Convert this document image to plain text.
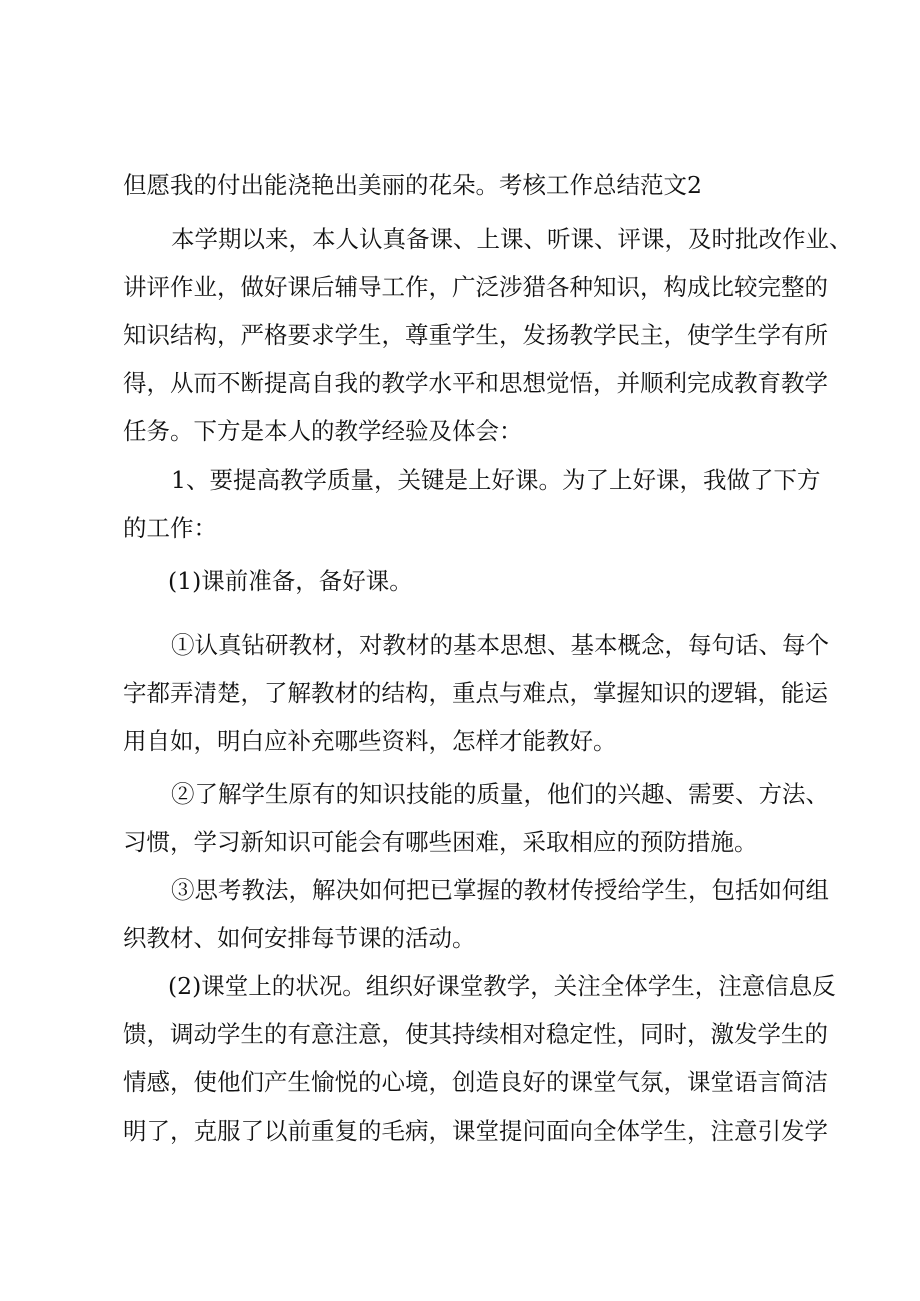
但愿我的付出能浇艳出美丽的花朵。考核工作总结范文2
本学期以来，本人认真备课、上课、听课、评课，及时批改作业、
讲评作业，做好课后辅导工作，广泛涉猎各种知识，构成比较完整的
知识结构，严格要求学生，尊重学生，发扬教学民主，使学生学有所
得，从而不断提高自我的教学水平和思想觉悟，并顺利完成教育教学
任务。下方是本人的教学经验及体会：
1、要提高教学质量，关键是上好课。为了上好课，我做了下方
的工作：
(1)课前准备，备好课。
①认真钻研教材，对教材的基本思想、基本概念，每句话、每个
字都弄清楚，了解教材的结构，重点与难点，掌握知识的逻辑，能运
用自如，明白应补充哪些资料，怎样才能教好。
②了解学生原有的知识技能的质量，他们的兴趣、需要、方法、
习惯，学习新知识可能会有哪些困难，采取相应的预防措施。
③思考教法，解决如何把已掌握的教材传授给学生，包括如何组
织教材、如何安排每节课的活动。
(2)课堂上的状况。组织好课堂教学，关注全体学生，注意信息反
馈，调动学生的有意注意，使其持续相对稳定性，同时，激发学生的
情感，使他们产生愉悦的心境，创造良好的课堂气氛，课堂语言简洁
明了，克服了以前重复的毛病，课堂提问面向全体学生，注意引发学
